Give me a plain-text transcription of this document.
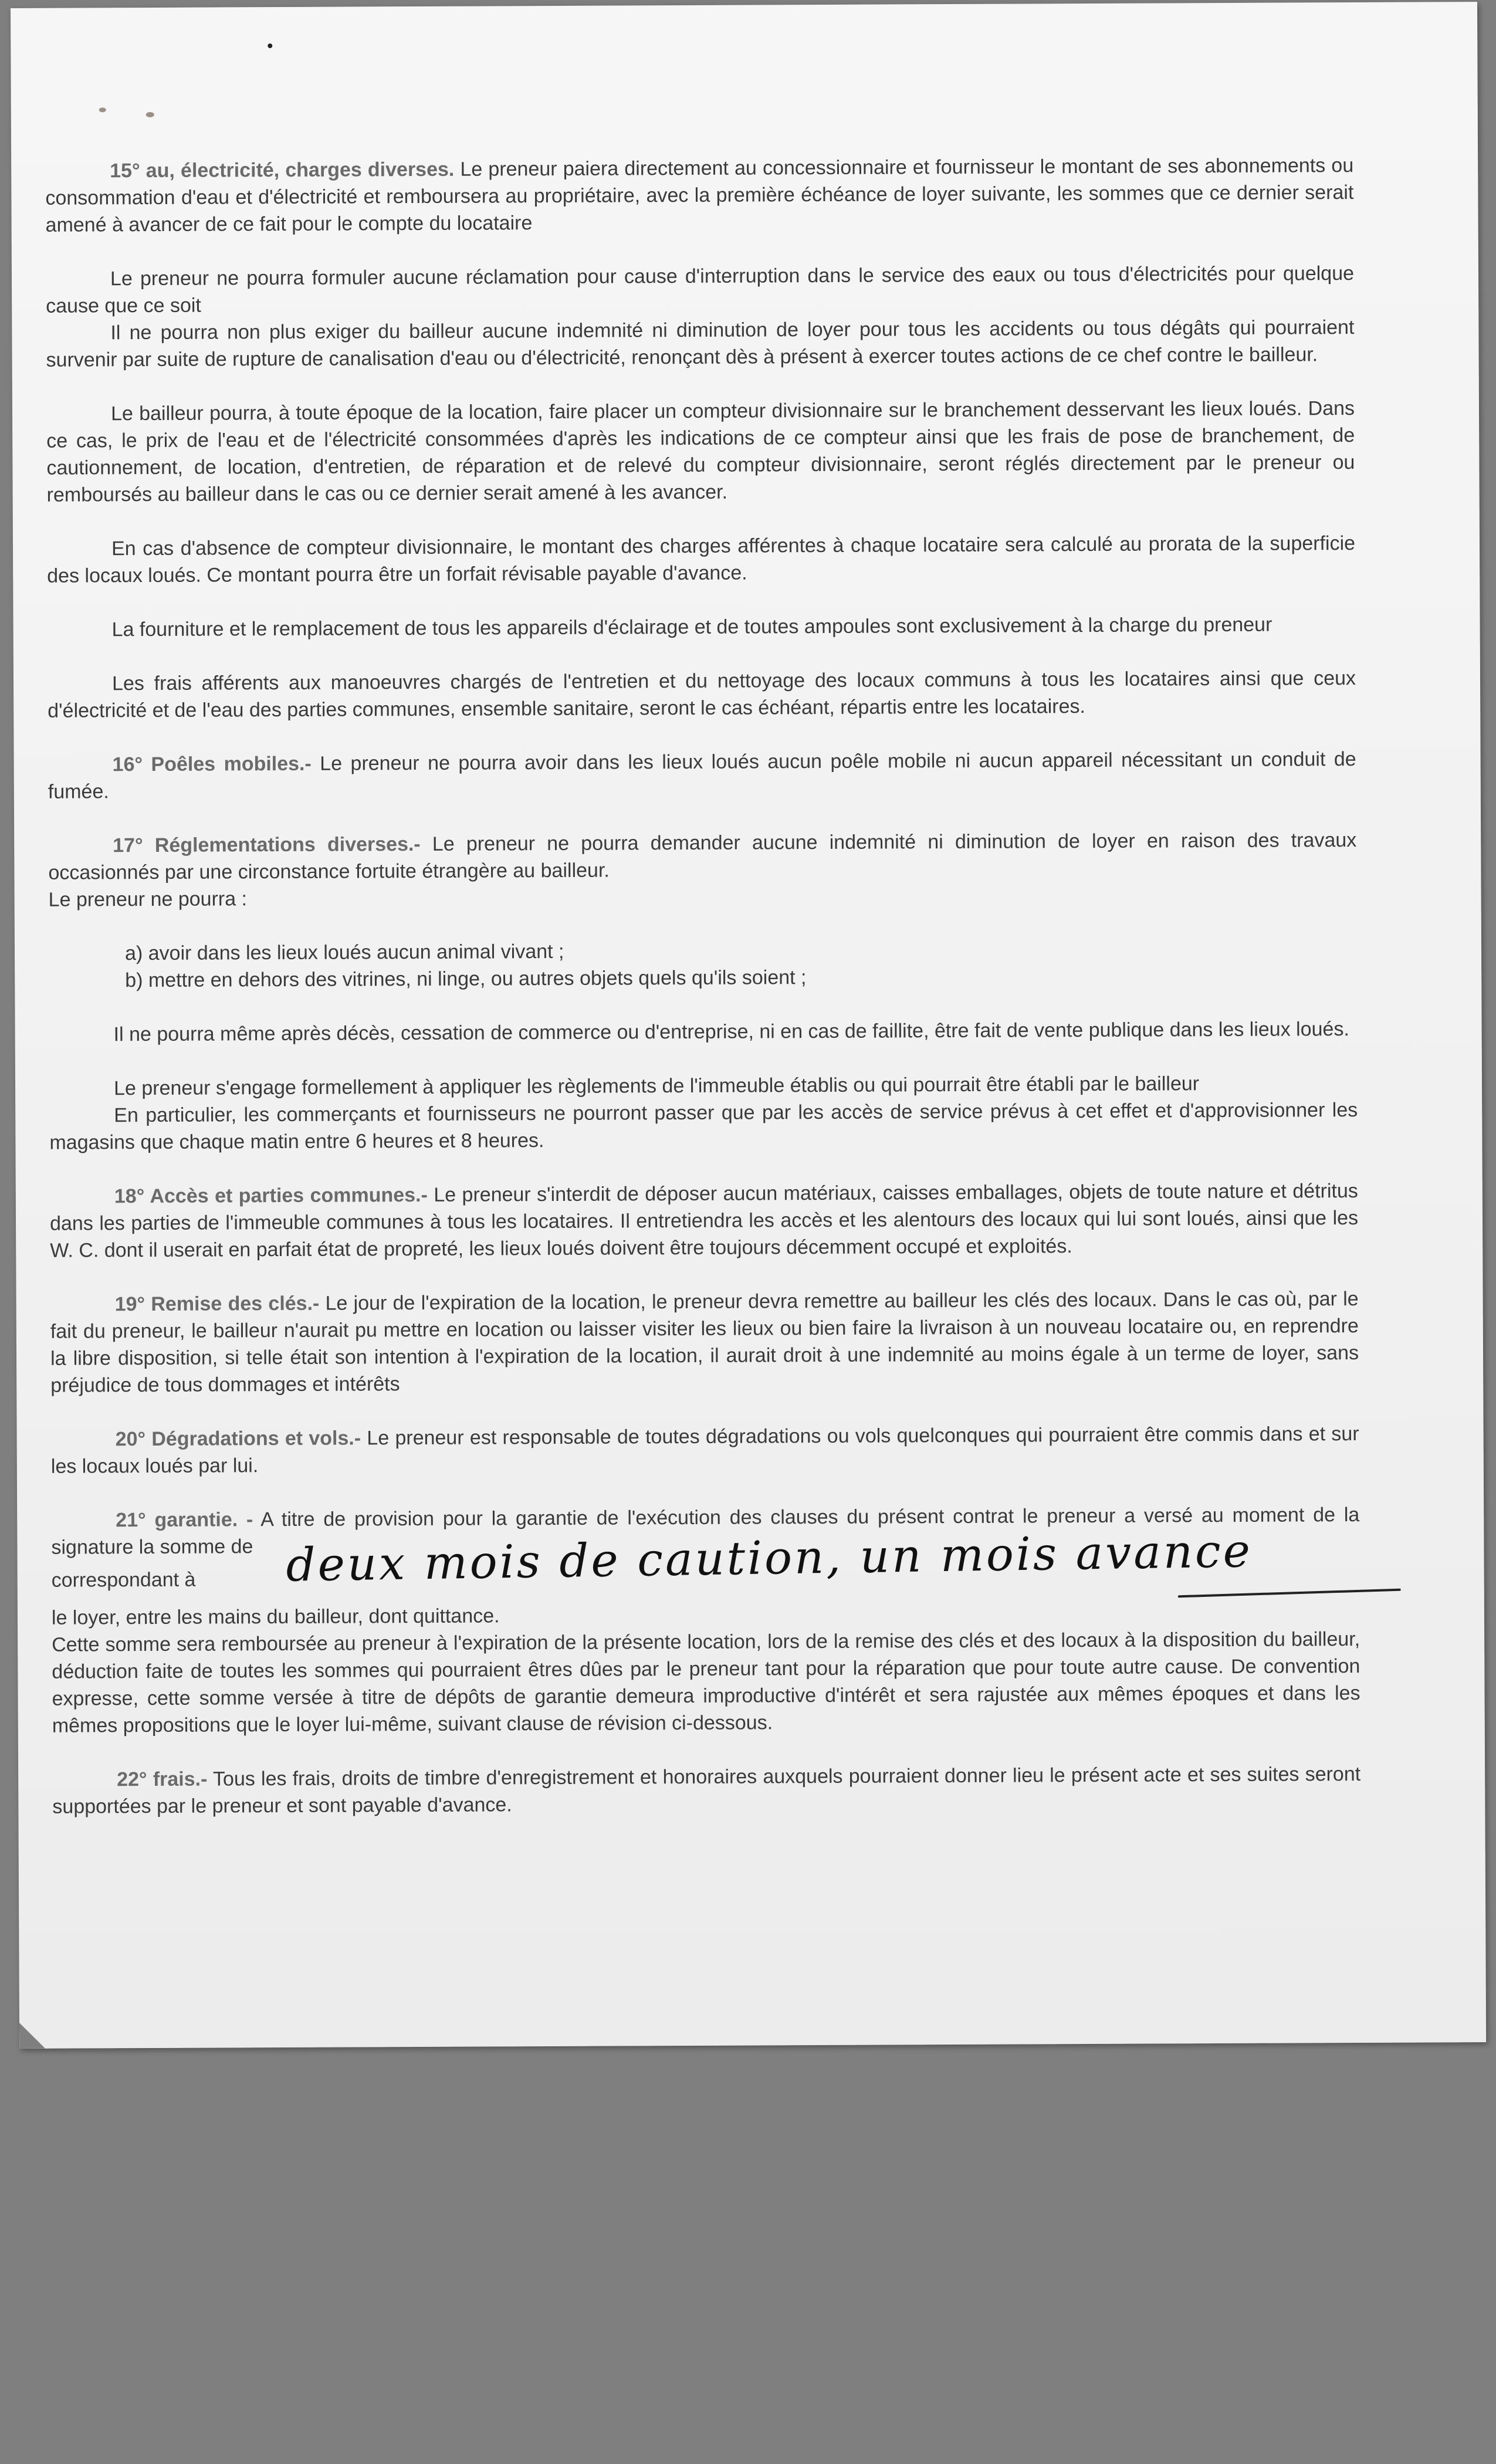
15° au, électricité, charges diverses. Le preneur paiera directement au concessionnaire et fournisseur le montant de ses abonnements ou consommation d'eau et d'électricité et remboursera au propriétaire, avec la première échéance de loyer suivante, les sommes que ce dernier serait amené à avancer de ce fait pour le compte du locataire

Le preneur ne pourra formuler aucune réclamation pour cause d'interruption dans le service des eaux ou tous d'électricités pour quelque cause que ce soit

Il ne pourra non plus exiger du bailleur aucune indemnité ni diminution de loyer pour tous les accidents ou tous dégâts qui pourraient survenir par suite de rupture de canalisation d'eau ou d'électricité, renonçant dès à présent à exercer toutes actions de ce chef contre le bailleur.

Le bailleur pourra, à toute époque de la location, faire placer un compteur divisionnaire sur le branchement desservant les lieux loués. Dans ce cas, le prix de l'eau et de l'électricité consommées d'après les indications de ce compteur ainsi que les frais de pose de branchement, de cautionnement, de location, d'entretien, de réparation et de relevé du compteur divisionnaire, seront réglés directement par le preneur ou remboursés au bailleur dans le cas ou ce dernier serait amené à les avancer.

En cas d'absence de compteur divisionnaire, le montant des charges afférentes à chaque locataire sera calculé au prorata de la superficie des locaux loués. Ce montant pourra être un forfait révisable payable d'avance.

La fourniture et le remplacement de tous les appareils d'éclairage et de toutes ampoules sont exclusivement à la charge du preneur

Les frais afférents aux manoeuvres chargés de l'entretien et du nettoyage des locaux communs à tous les locataires ainsi que ceux d'électricité et de l'eau des parties communes, ensemble sanitaire, seront le cas échéant, répartis entre les locataires.

16° Poêles mobiles.- Le preneur ne pourra avoir dans les lieux loués aucun poêle mobile ni aucun appareil nécessitant un conduit de fumée.

17° Réglementations diverses.- Le preneur ne pourra demander aucune indemnité ni diminution de loyer en raison des travaux occasionnés par une circonstance fortuite étrangère au bailleur.

Le preneur ne pourra :

a) avoir dans les lieux loués aucun animal vivant ;
b) mettre en dehors des vitrines, ni linge, ou autres objets quels qu'ils soient ;

Il ne pourra même après décès, cessation de commerce ou d'entreprise, ni en cas de faillite, être fait de vente publique dans les lieux loués.

Le preneur s'engage formellement à appliquer les règlements de l'immeuble établis ou qui pourrait être établi par le bailleur

En particulier, les commerçants et fournisseurs ne pourront passer que par les accès de service prévus à cet effet et d'approvisionner les magasins que chaque matin entre 6 heures et 8 heures.

18° Accès et parties communes.- Le preneur s'interdit de déposer aucun matériaux, caisses emballages, objets de toute nature et détritus dans les parties de l'immeuble communes à tous les locataires. Il entretiendra les accès et les alentours des locaux qui lui sont loués, ainsi que les W. C. dont il userait en parfait état de propreté, les lieux loués doivent être toujours décemment occupé et exploités.

19° Remise des clés.- Le jour de l'expiration de la location, le preneur devra remettre au bailleur les clés des locaux. Dans le cas où, par le fait du preneur, le bailleur n'aurait pu mettre en location ou laisser visiter les lieux ou bien faire la livraison à un nouveau locataire ou, en reprendre la libre disposition, si telle était son intention à l'expiration de la location, il aurait droit à une indemnité au moins égale à un terme de loyer, sans préjudice de tous dommages et intérêts

20° Dégradations et vols.- Le preneur est responsable de toutes dégradations ou vols quelconques qui pourraient être commis dans et sur les locaux loués par lui.

21° garantie. - A titre de provision pour la garantie de l'exécution des clauses du présent contrat le preneur a versé au moment de la signature la somme de

correspondant à deux mois de caution, un mois avance

le loyer, entre les mains du bailleur, dont quittance.

Cette somme sera remboursée au preneur à l'expiration de la présente location, lors de la remise des clés et des locaux à la disposition du bailleur, déduction faite de toutes les sommes qui pourraient êtres dûes par le preneur tant pour la réparation que pour toute autre cause. De convention expresse, cette somme versée à titre de dépôts de garantie demeura improductive d'intérêt et sera rajustée aux mêmes époques et dans les mêmes propositions que le loyer lui-même, suivant clause de révision ci-dessous.

22° frais.- Tous les frais, droits de timbre d'enregistrement et honoraires auxquels pourraient donner lieu le présent acte et ses suites seront supportées par le preneur et sont payable d'avance.
